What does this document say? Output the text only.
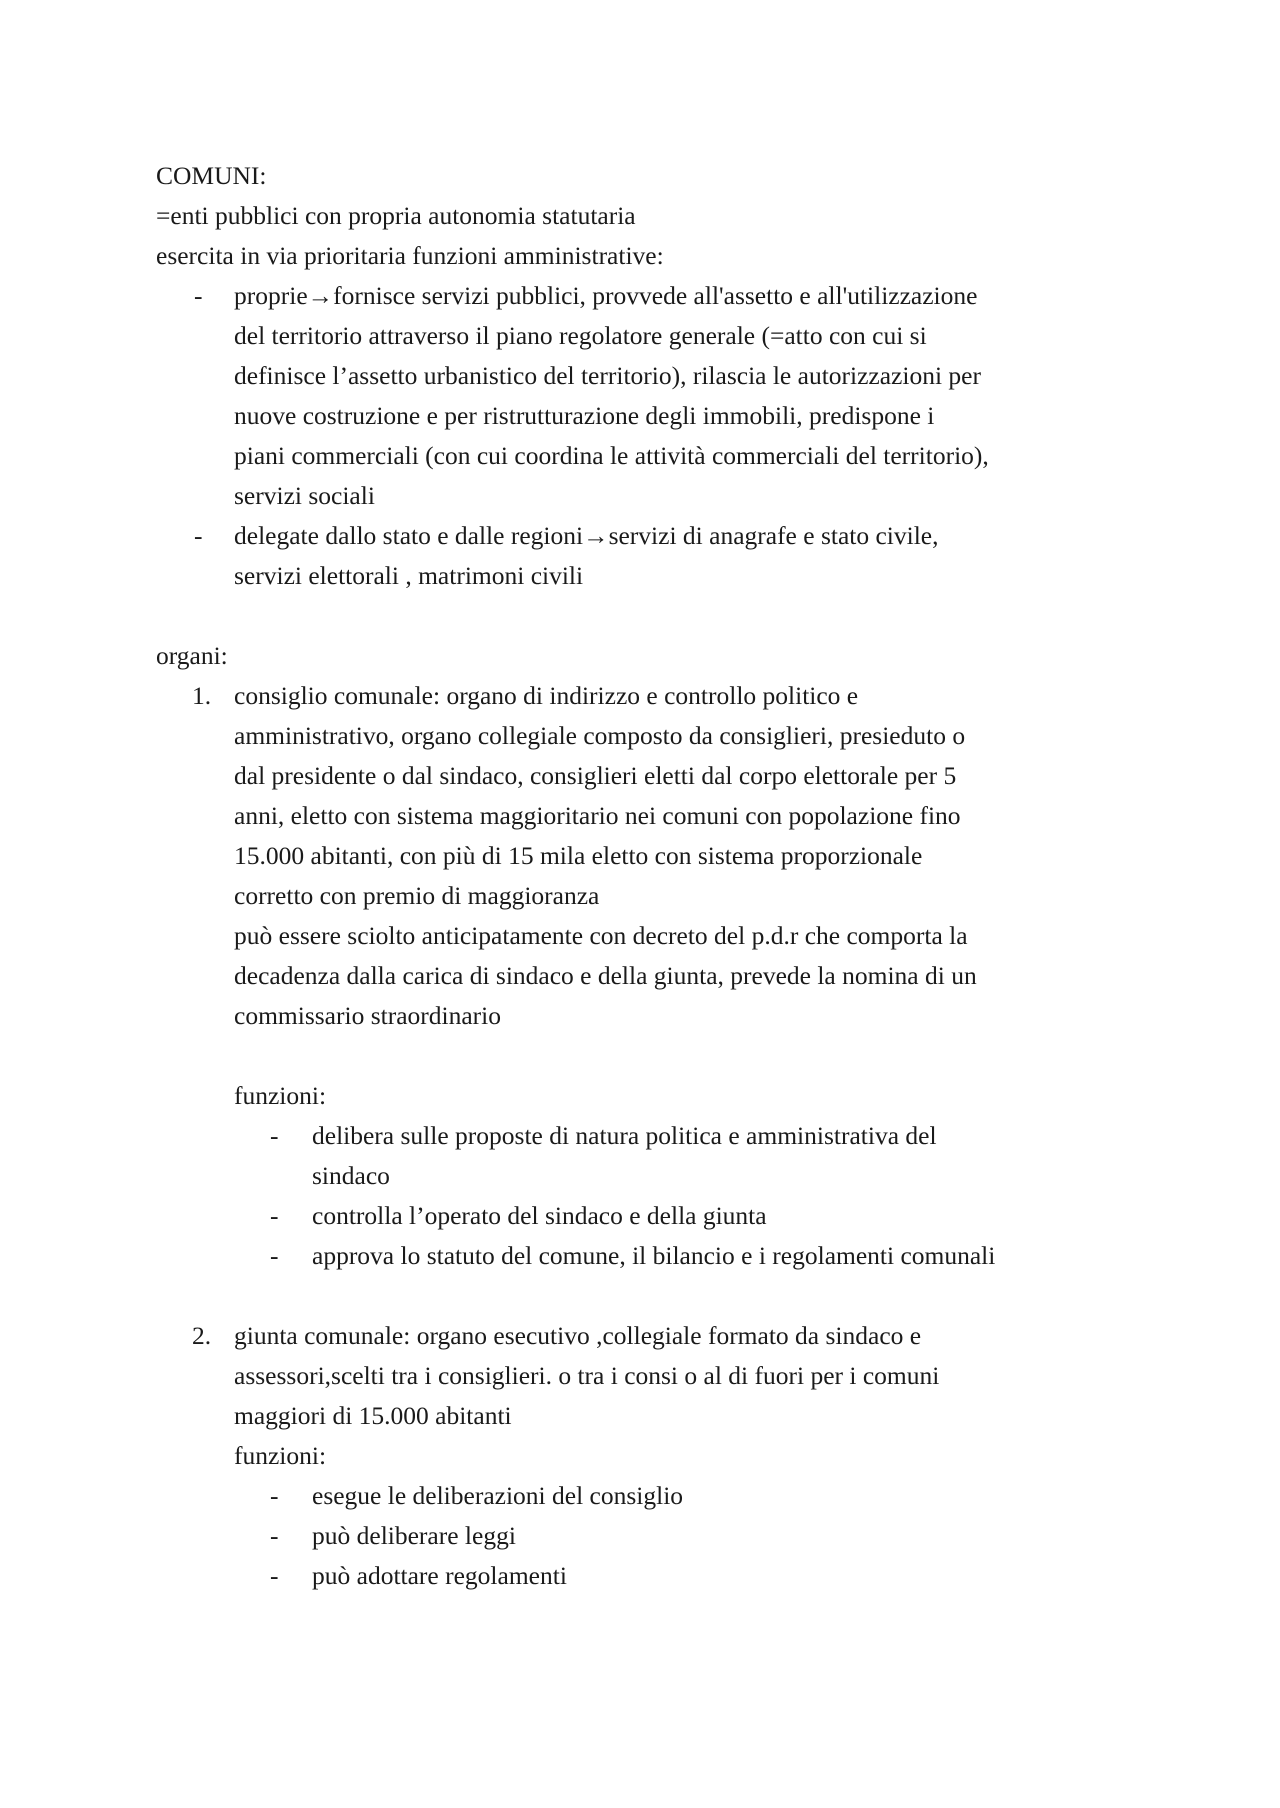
COMUNI:

=enti pubblici con propria autonomia statutaria

esercita in via prioritaria funzioni amministrative:

- proprie→fornisce servizi pubblici, provvede all'assetto e all'utilizzazione
del territorio attraverso il piano regolatore generale (=atto con cui si
definisce l’assetto urbanistico del territorio), rilascia le autorizzazioni per
nuove costruzione e per ristrutturazione degli immobili, predispone i
piani commerciali (con cui coordina le attività commerciali del territorio),
servizi sociali
- delegate dallo stato e dalle regioni→servizi di anagrafe e stato civile,
servizi elettorali , matrimoni civili

organi:

1. consiglio comunale: organo di indirizzo e controllo politico e
amministrativo, organo collegiale composto da consiglieri, presieduto o
dal presidente o dal sindaco, consiglieri eletti dal corpo elettorale per 5
anni, eletto con sistema maggioritario nei comuni con popolazione fino
15.000 abitanti, con più di 15 mila eletto con sistema proporzionale
corretto con premio di maggioranza
può essere sciolto anticipatamente con decreto del p.d.r che comporta la
decadenza dalla carica di sindaco e della giunta, prevede la nomina di un
commissario straordinario
funzioni:
- delibera sulle proposte di natura politica e amministrativa del
sindaco
- controlla l’operato del sindaco e della giunta
- approva lo statuto del comune, il bilancio e i regolamenti comunali
2. giunta comunale: organo esecutivo ,collegiale formato da sindaco e
assessori,scelti tra i consiglieri. o tra i consi o al di fuori per i comuni
maggiori di 15.000 abitanti
funzioni:
- esegue le deliberazioni del consiglio
- può deliberare leggi
- può adottare regolamenti
